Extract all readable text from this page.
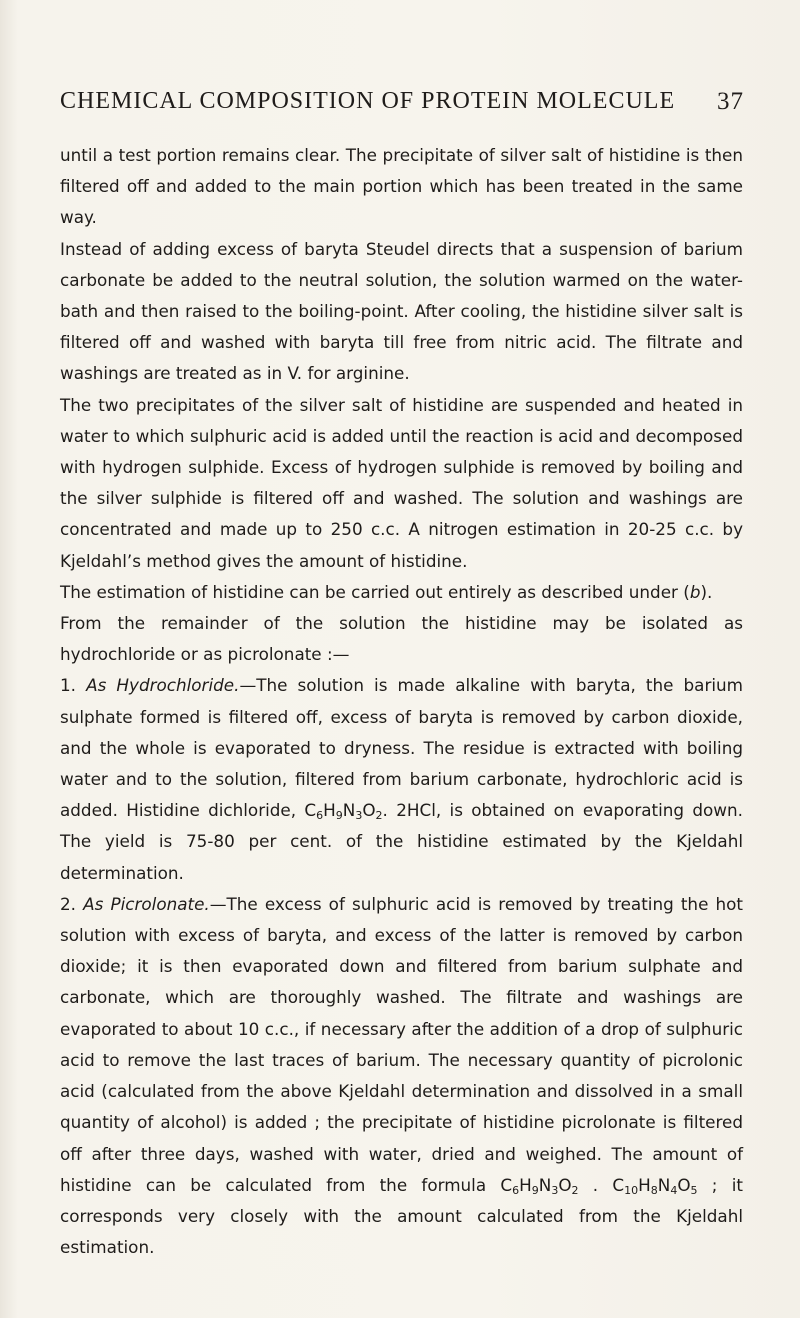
CHEMICAL COMPOSITION OF PROTEIN MOLECULE 37

until a test portion remains clear. The precipitate of silver salt of histidine is then filtered off and added to the main portion which has been treated in the same way.

Instead of adding excess of baryta Steudel directs that a suspension of barium carbonate be added to the neutral solution, the solution warmed on the water-bath and then raised to the boiling-point. After cooling, the histidine silver salt is filtered off and washed with baryta till free from nitric acid. The filtrate and washings are treated as in V. for arginine.

The two precipitates of the silver salt of histidine are suspended and heated in water to which sulphuric acid is added until the reaction is acid and decomposed with hydrogen sulphide. Excess of hydrogen sulphide is removed by boiling and the silver sulphide is filtered off and washed. The solution and washings are concentrated and made up to 250 c.c. A nitrogen estimation in 20-25 c.c. by Kjeldahl’s method gives the amount of histidine.

The estimation of histidine can be carried out entirely as described under (b).

From the remainder of the solution the histidine may be isolated as hydrochloride or as picrolonate :—

1. As Hydrochloride.—The solution is made alkaline with baryta, the barium sulphate formed is filtered off, excess of baryta is removed by carbon dioxide, and the whole is evaporated to dryness. The residue is extracted with boiling water and to the solution, filtered from barium carbonate, hydrochloric acid is added. Histidine dichloride, $C_6H_9N_3O_2$. 2HCl, is obtained on evaporating down. The yield is 75-80 per cent. of the histidine estimated by the Kjeldahl determination.

2. As Picrolonate.—The excess of sulphuric acid is removed by treating the hot solution with excess of baryta, and excess of the latter is removed by carbon dioxide; it is then evaporated down and filtered from barium sulphate and carbonate, which are thoroughly washed. The filtrate and washings are evaporated to about 10 c.c., if necessary after the addition of a drop of sulphuric acid to remove the last traces of barium. The necessary quantity of picrolonic acid (calculated from the above Kjeldahl determination and dissolved in a small quantity of alcohol) is added ; the precipitate of histidine picrolonate is filtered off after three days, washed with water, dried and weighed. The amount of histidine can be calculated from the formula $C_6H_9N_3O_2$ . $C_{10}H_8N_4O_5$ ; it corresponds very closely with the amount calculated from the Kjeldahl estimation.
